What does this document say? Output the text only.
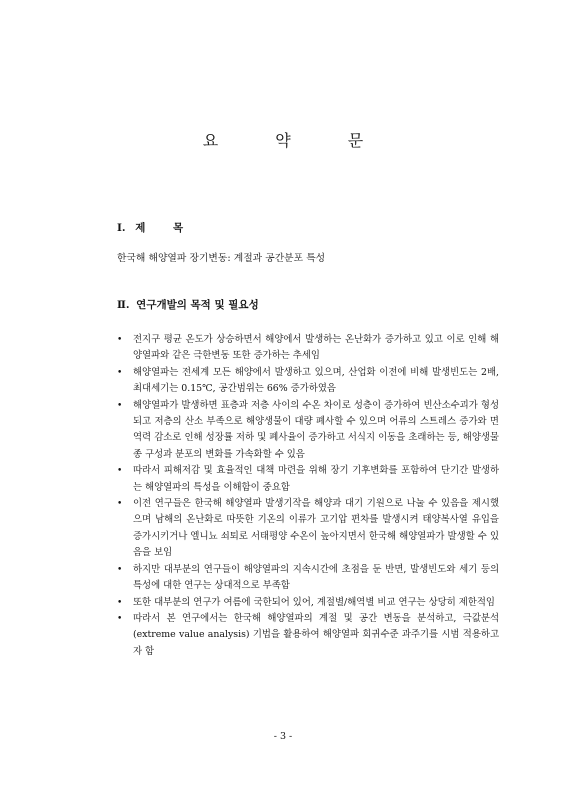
요 약 문
Ⅰ. 제 목
한국해 해양열파 장기변동: 계절과 공간분포 특성
Ⅱ. 연구개발의 목적 및 필요성
• 전지구 평균 온도가 상승하면서 해양에서 발생하는 온난화가 증가하고 있고 이로 인해 해양열파와 같은 극한변동 또한 증가하는 추세임
• 해양열파는 전세계 모든 해양에서 발생하고 있으며, 산업화 이전에 비해 발생빈도는 2배, 최대세기는 0.15℃, 공간범위는 66% 증가하였음
• 해양열파가 발생하면 표층과 저층 사이의 수온 차이로 성층이 증가하여 빈산소수괴가 형성되고 저층의 산소 부족으로 해양생물이 대량 폐사할 수 있으며 어류의 스트레스 증가와 면역력 감소로 인해 성장률 저하 및 폐사율이 증가하고 서식지 이동을 초래하는 등, 해양생물 종 구성과 분포의 변화를 가속화할 수 있음
• 따라서 피해저감 및 효율적인 대책 마련을 위해 장기 기후변화를 포함하여 단기간 발생하는 해양열파의 특성을 이해함이 중요함
• 이전 연구들은 한국해 해양열파 발생기작을 해양과 대기 기원으로 나눌 수 있음을 제시했으며 남해의 온난화로 따뜻한 기온의 이류가 고기압 편차를 발생시켜 태양복사열 유입을 증가시키거나 엘니뇨 쇠퇴로 서태평양 수온이 높아지면서 한국해 해양열파가 발생할 수 있음을 보임
• 하지만 대부분의 연구들이 해양열파의 지속시간에 초점을 둔 반면, 발생빈도와 세기 등의 특성에 대한 연구는 상대적으로 부족함
• 또한 대부분의 연구가 여름에 국한되어 있어, 계절별/해역별 비교 연구는 상당히 제한적임
• 따라서 본 연구에서는 한국해 해양열파의 계절 및 공간 변동을 분석하고, 극값분석(extreme value analysis) 기법을 활용하여 해양열파 회귀수준 과주기를 시범 적용하고자 함
- 3 -
